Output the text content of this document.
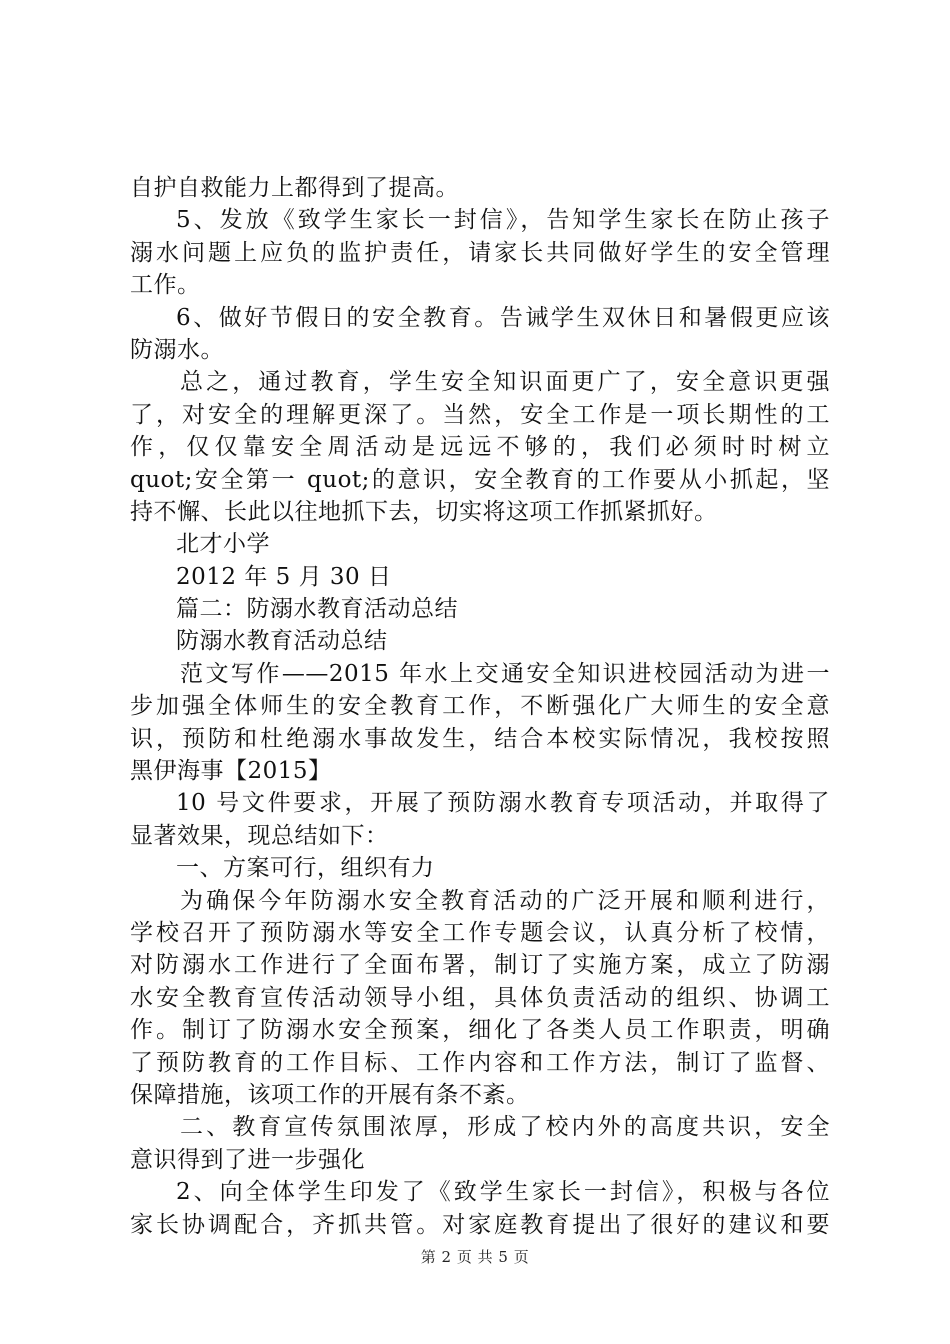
自护自救能力上都得到了提高。
5、发放《致学生家长一封信》，告知学生家长在防止孩子
溺水问题上应负的监护责任，请家长共同做好学生的安全管理
工作。
6、做好节假日的安全教育。告诫学生双休日和暑假更应该
防溺水。
总之，通过教育，学生安全知识面更广了，安全意识更强
了，对安全的理解更深了。当然，安全工作是一项长期性的工
作，仅仅靠安全周活动是远远不够的，我们必须时时树立
quot;安全第一 quot;的意识，安全教育的工作要从小抓起，坚
持不懈、长此以往地抓下去，切实将这项工作抓紧抓好。
北才小学
2012 年 5 月 30 日
篇二：防溺水教育活动总结
防溺水教育活动总结
范文写作——2015 年水上交通安全知识进校园活动为进一
步加强全体师生的安全教育工作，不断强化广大师生的安全意
识，预防和杜绝溺水事故发生，结合本校实际情况，我校按照
黑伊海事【2015】
10 号文件要求，开展了预防溺水教育专项活动，并取得了
显著效果，现总结如下：
一、方案可行，组织有力
为确保今年防溺水安全教育活动的广泛开展和顺利进行，
学校召开了预防溺水等安全工作专题会议，认真分析了校情，
对防溺水工作进行了全面布署，制订了实施方案，成立了防溺
水安全教育宣传活动领导小组，具体负责活动的组织、协调工
作。制订了防溺水安全预案，细化了各类人员工作职责，明确
了预防教育的工作目标、工作内容和工作方法，制订了监督、
保障措施，该项工作的开展有条不紊。
二、教育宣传氛围浓厚，形成了校内外的高度共识，安全
意识得到了进一步强化
2、向全体学生印发了《致学生家长一封信》，积极与各位
家长协调配合，齐抓共管。对家庭教育提出了很好的建议和要
第 2 页 共 5 页
